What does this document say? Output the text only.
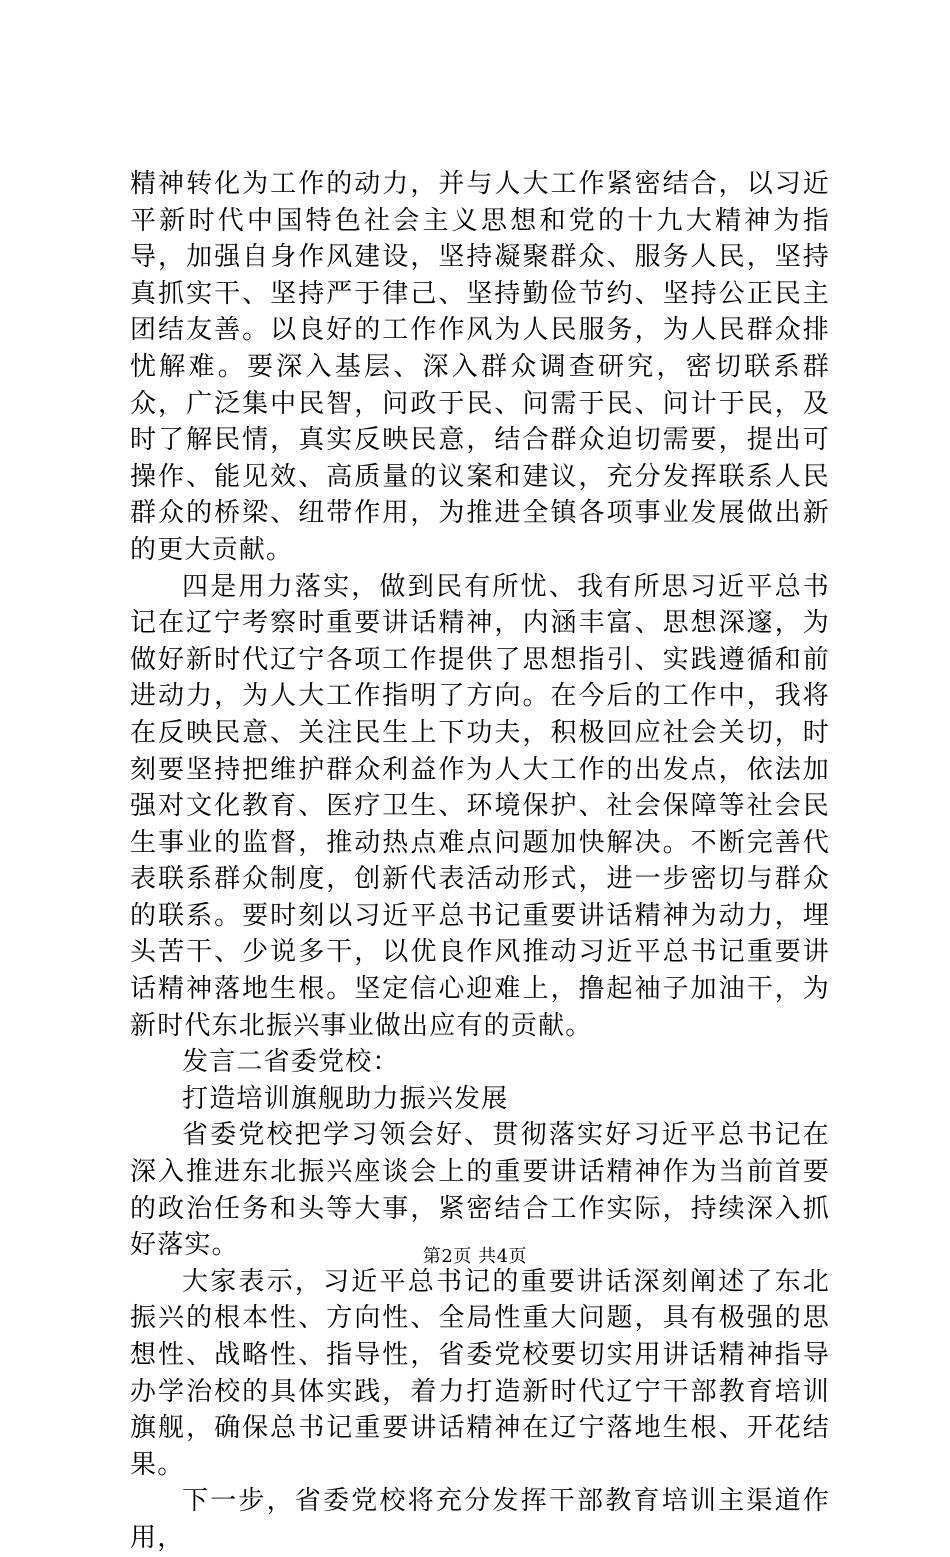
精神转化为工作的动力，并与人大工作紧密结合，以习近平新时代中国特色社会主义思想和党的十九大精神为指导，加强自身作风建设，坚持凝聚群众、服务人民，坚持真抓实干、坚持严于律己、坚持勤俭节约、坚持公正民主团结友善。以良好的工作作风为人民服务，为人民群众排忧解难。要深入基层、深入群众调查研究，密切联系群众，广泛集中民智，问政于民、问需于民、问计于民，及时了解民情，真实反映民意，结合群众迫切需要，提出可操作、能见效、高质量的议案和建议，充分发挥联系人民群众的桥梁、纽带作用，为推进全镇各项事业发展做出新的更大贡献。

四是用力落实，做到民有所忧、我有所思习近平总书记在辽宁考察时重要讲话精神，内涵丰富、思想深邃，为做好新时代辽宁各项工作提供了思想指引、实践遵循和前进动力，为人大工作指明了方向。在今后的工作中，我将在反映民意、关注民生上下功夫，积极回应社会关切，时刻要坚持把维护群众利益作为人大工作的出发点，依法加强对文化教育、医疗卫生、环境保护、社会保障等社会民生事业的监督，推动热点难点问题加快解决。不断完善代表联系群众制度，创新代表活动形式，进一步密切与群众的联系。要时刻以习近平总书记重要讲话精神为动力，埋头苦干、少说多干，以优良作风推动习近平总书记重要讲话精神落地生根。坚定信心迎难上，撸起袖子加油干，为新时代东北振兴事业做出应有的贡献。

发言二省委党校：

打造培训旗舰助力振兴发展

省委党校把学习领会好、贯彻落实好习近平总书记在深入推进东北振兴座谈会上的重要讲话精神作为当前首要的政治任务和头等大事，紧密结合工作实际，持续深入抓好落实。

大家表示，习近平总书记的重要讲话深刻阐述了东北振兴的根本性、方向性、全局性重大问题，具有极强的思想性、战略性、指导性，省委党校要切实用讲话精神指导办学治校的具体实践，着力打造新时代辽宁干部教育培训旗舰，确保总书记重要讲话精神在辽宁落地生根、开花结果。

下一步，省委党校将充分发挥干部教育培训主渠道作用，

第2页 共4页
